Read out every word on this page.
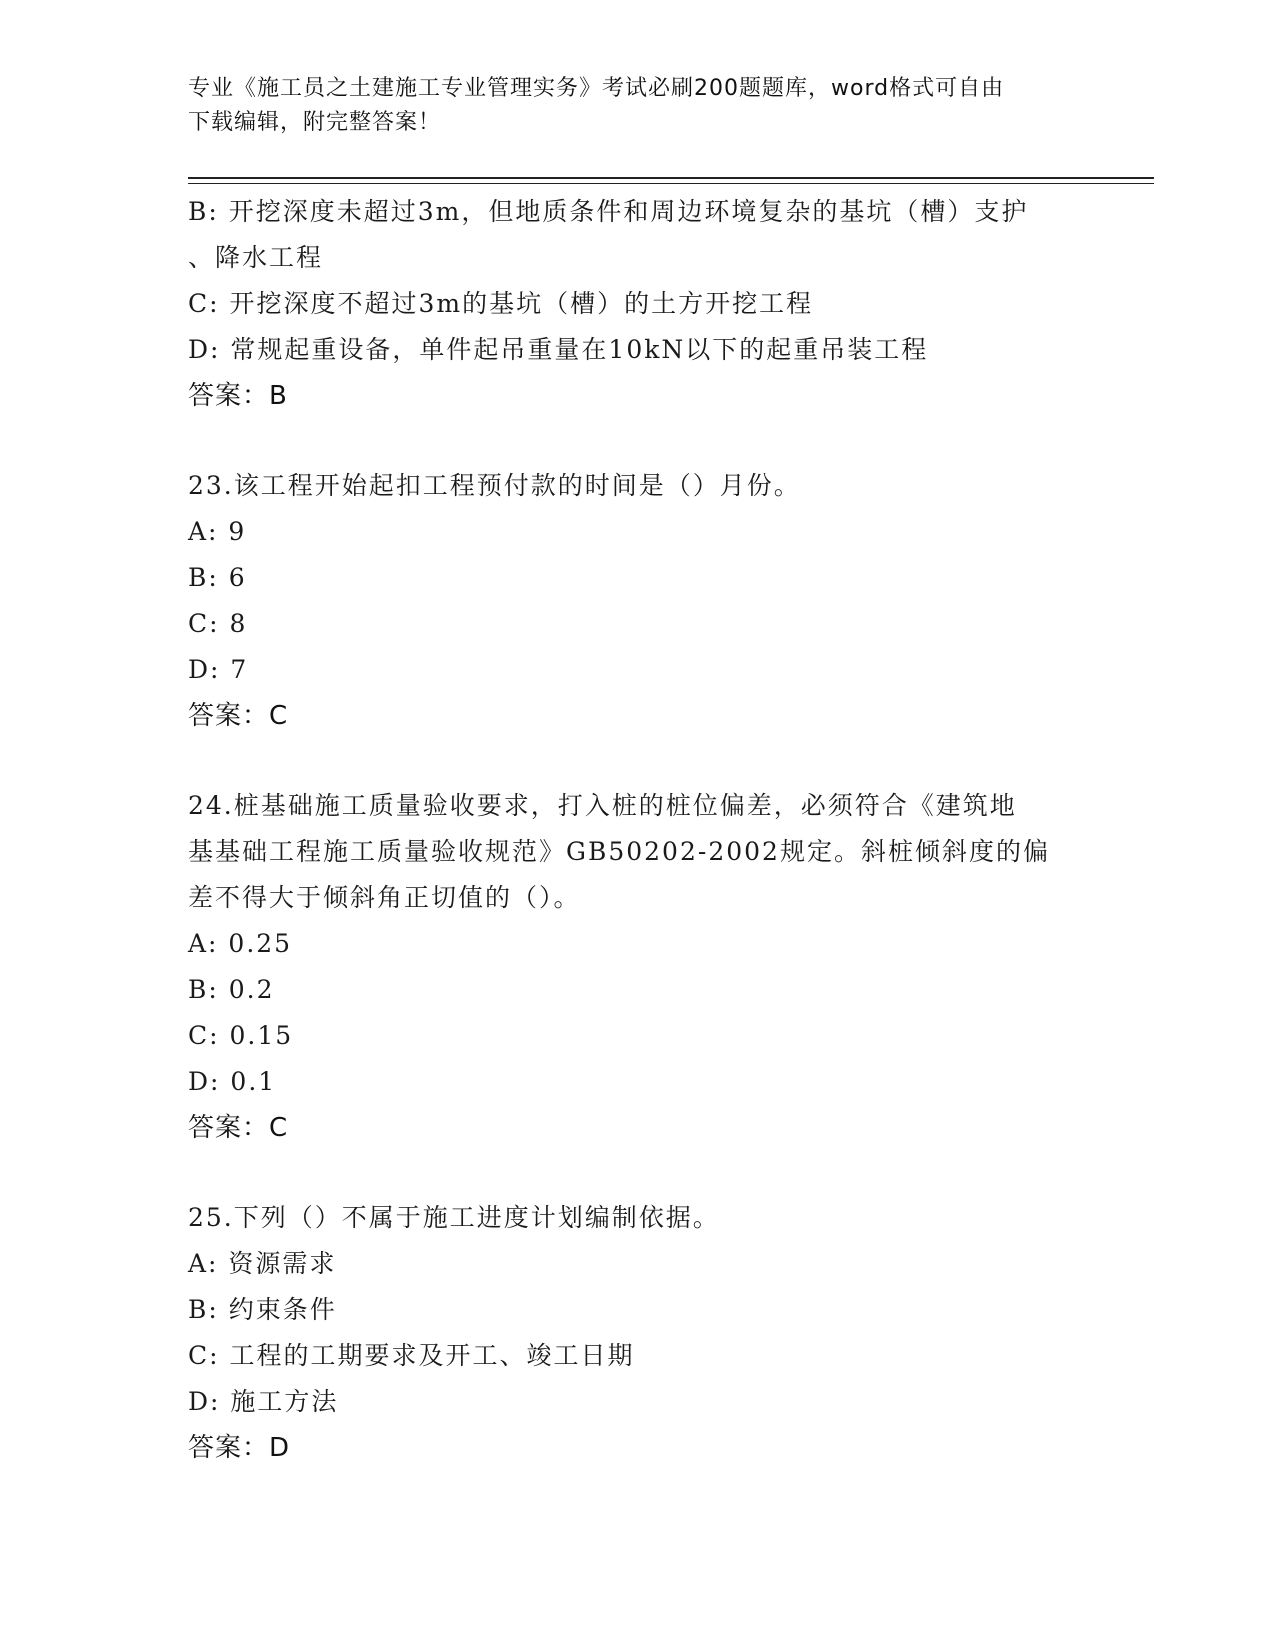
专业《施工员之土建施工专业管理实务》考试必刷200题题库，word格式可自由
下载编辑，附完整答案！
B: 开挖深度未超过3m，但地质条件和周边环境复杂的基坑（槽）支护
、降水工程
C: 开挖深度不超过3m的基坑（槽）的土方开挖工程
D: 常规起重设备，单件起吊重量在10kN以下的起重吊装工程
答案：B
23.该工程开始起扣工程预付款的时间是（）月份。
A: 9
B: 6
C: 8
D: 7
答案：C
24.桩基础施工质量验收要求，打入桩的桩位偏差，必须符合《建筑地
基基础工程施工质量验收规范》GB50202-2002规定。斜桩倾斜度的偏
差不得大于倾斜角正切值的（）。
A: 0.25
B: 0.2
C: 0.15
D: 0.1
答案：C
25.下列（）不属于施工进度计划编制依据。
A: 资源需求
B: 约束条件
C: 工程的工期要求及开工、竣工日期
D: 施工方法
答案：D
